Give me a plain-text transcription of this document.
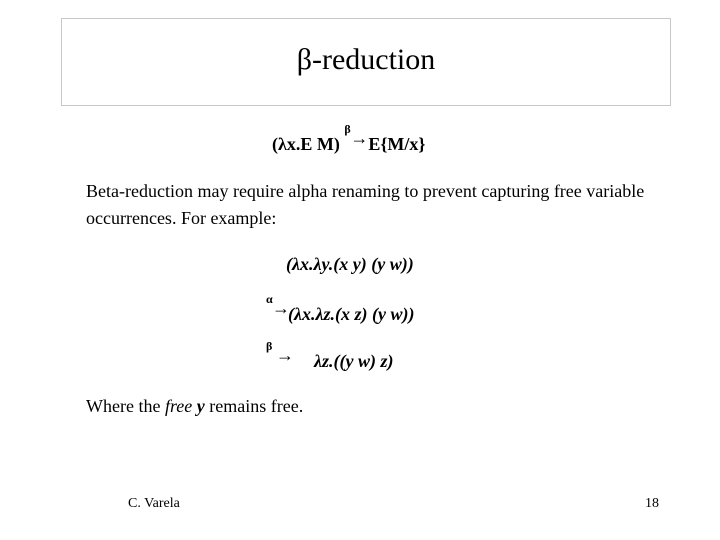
β-reduction
(λx.E M)
β → E{M/x}
Beta-reduction may require alpha renaming to prevent capturing free variable occurrences. For example:
(λx.λy.(x y) (y w))
α →
(λx.λz.(x z) (y w))
β → λz.((y w) z)
Where the free y remains free.
C. Varela	18
